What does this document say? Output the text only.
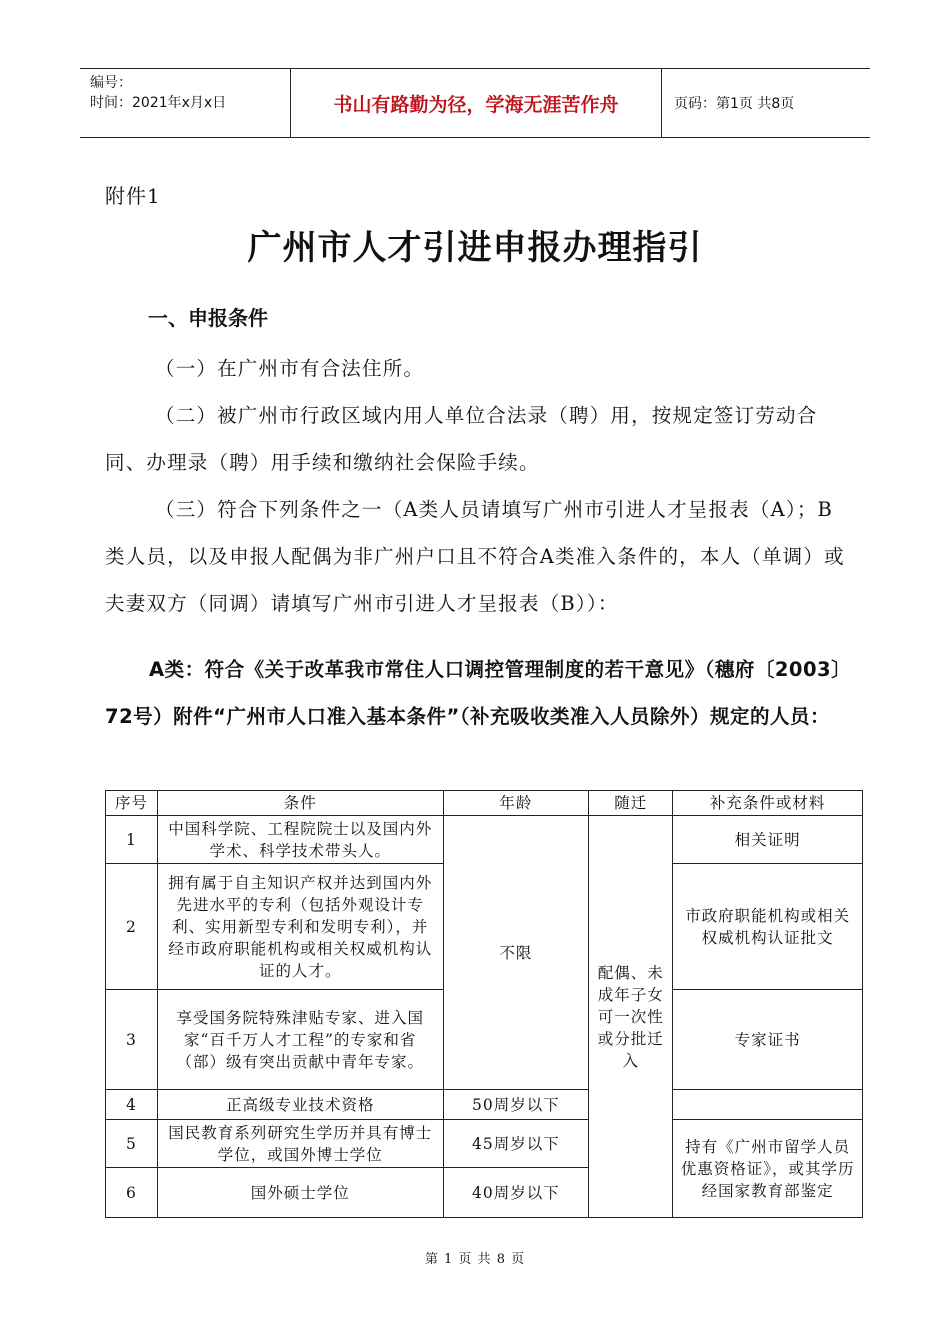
编号：
时间：2021年x月x日	书山有路勤为径，学海无涯苦作舟	页码：第1页 共8页
附件1
广州市人才引进申报办理指引
一、申报条件

（一）在广州市有合法住所。

（二）被广州市行政区域内用人单位合法录（聘）用，按规定签订劳动合同、办理录（聘）用手续和缴纳社会保险手续。

（三）符合下列条件之一（A类人员请填写广州市引进人才呈报表（A）；B类人员，以及申报人配偶为非广州户口且不符合A类准入条件的，本人（单调）或夫妻双方（同调）请填写广州市引进人才呈报表（B））：

A类：符合《关于改革我市常住人口调控管理制度的若干意见》（穗府〔2003〕72号）附件“广州市人口准入基本条件”（补充吸收类准入人员除外）规定的人员：

序号	条件	年龄	随迁	补充条件或材料
1	中国科学院、工程院院士以及国内外学术、科学技术带头人。	不限	配偶、未成年子女可一次性或分批迁入	相关证明
2	拥有属于自主知识产权并达到国内外先进水平的专利（包括外观设计专利、实用新型专利和发明专利），并经市政府职能机构或相关权威机构认证的人才。			市政府职能机构或相关权威机构认证批文
3	享受国务院特殊津贴专家、进入国家“百千万人才工程”的专家和省（部）级有突出贡献中青年专家。			专家证书
4	正高级专业技术资格	50周岁以下		
5	国民教育系列研究生学历并具有博士学位，或国外博士学位	45周岁以下		持有《广州市留学人员优惠资格证》，或其学历经国家教育部鉴定
6	国外硕士学位	40周岁以下		
第 1 页 共 8 页
